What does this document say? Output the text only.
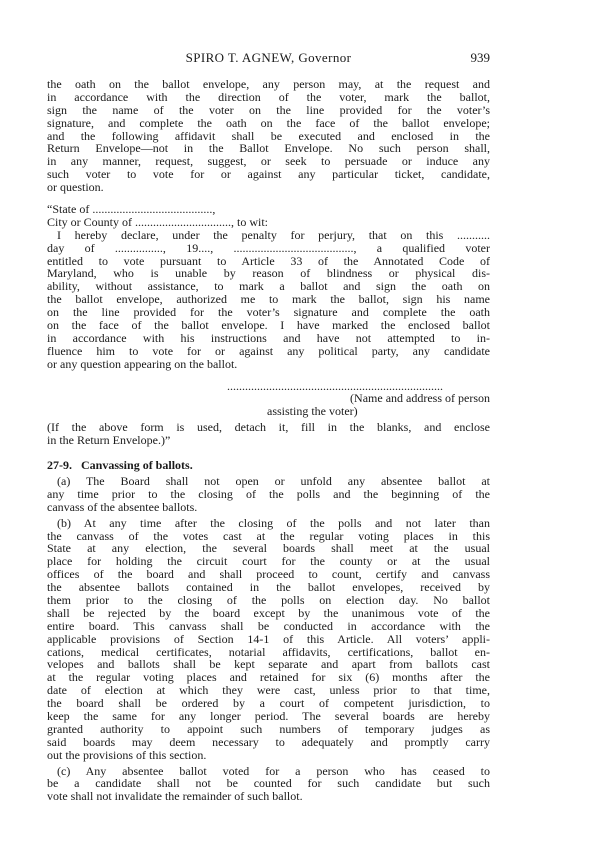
SPIRO T. AGNEW, Governor	939
the oath on the ballot envelope, any person may, at the request and
in accordance with the direction of the voter, mark the ballot,
sign the name of the voter on the line provided for the voter’s
signature, and complete the oath on the face of the ballot envelope;
and the following affidavit shall be executed and enclosed in the
Return Envelope—not in the Ballot Envelope. No such person shall,
in any manner, request, suggest, or seek to persuade or induce any
such voter to vote for or against any particular ticket, candidate,
or question.
“State of ........................................,
City or County of ................................, to wit:
I hereby declare, under the penalty for perjury, that on this ...........
day of ................, 19...., ........................................, a qualified voter
entitled to vote pursuant to Article 33 of the Annotated Code of
Maryland, who is unable by reason of blindness or physical dis-
ability, without assistance, to mark a ballot and sign the oath on
the ballot envelope, authorized me to mark the ballot, sign his name
on the line provided for the voter’s signature and complete the oath
on the face of the ballot envelope. I have marked the enclosed ballot
in accordance with his instructions and have not attempted to in-
fluence him to vote for or against any political party, any candidate
or any question appearing on the ballot.
........................................................................
(Name and address of person
assisting the voter)
(If the above form is used, detach it, fill in the blanks, and enclose
in the Return Envelope.)”
27-9. Canvassing of ballots.
(a) The Board shall not open or unfold any absentee ballot at
any time prior to the closing of the polls and the beginning of the
canvass of the absentee ballots.
(b) At any time after the closing of the polls and not later than
the canvass of the votes cast at the regular voting places in this
State at any election, the several boards shall meet at the usual
place for holding the circuit court for the county or at the usual
offices of the board and shall proceed to count, certify and canvass
the absentee ballots contained in the ballot envelopes, received by
them prior to the closing of the polls on election day. No ballot
shall be rejected by the board except by the unanimous vote of the
entire board. This canvass shall be conducted in accordance with the
applicable provisions of Section 14-1 of this Article. All voters’ appli-
cations, medical certificates, notarial affidavits, certifications, ballot en-
velopes and ballots shall be kept separate and apart from ballots cast
at the regular voting places and retained for six (6) months after the
date of election at which they were cast, unless prior to that time,
the board shall be ordered by a court of competent jurisdiction, to
keep the same for any longer period. The several boards are hereby
granted authority to appoint such numbers of temporary judges as
said boards may deem necessary to adequately and promptly carry
out the provisions of this section.
(c) Any absentee ballot voted for a person who has ceased to
be a candidate shall not be counted for such candidate but such
vote shall not invalidate the remainder of such ballot.
